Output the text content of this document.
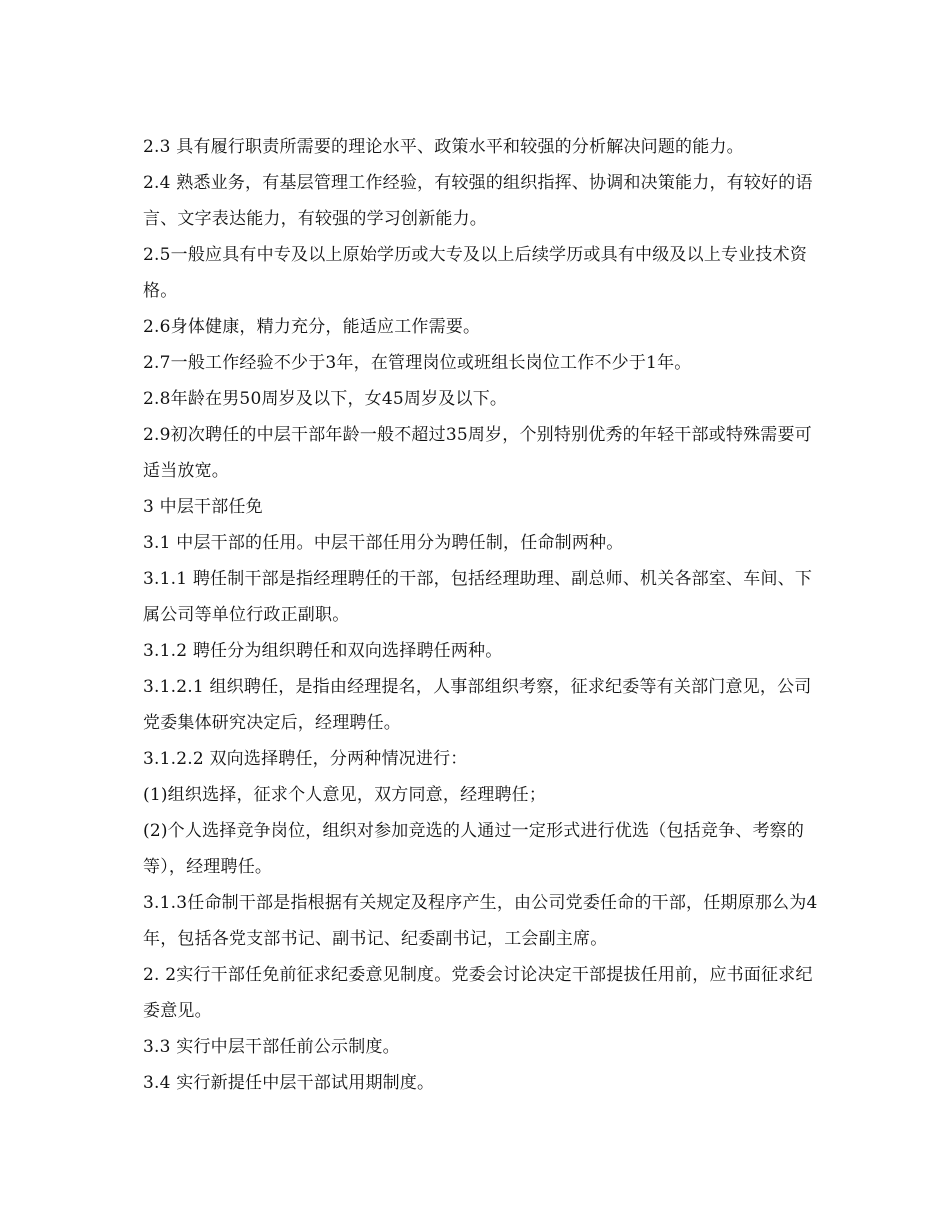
2.3 具有履行职责所需要的理论水平、政策水平和较强的分析解决问题的能力。

2.4 熟悉业务，有基层管理工作经验，有较强的组织指挥、协调和决策能力，有较好的语言、文字表达能力，有较强的学习创新能力。

2.5一般应具有中专及以上原始学历或大专及以上后续学历或具有中级及以上专业技术资格。

2.6身体健康，精力充分，能适应工作需要。

2.7一般工作经验不少于3年，在管理岗位或班组长岗位工作不少于1年。

2.8年龄在男50周岁及以下，女45周岁及以下。

2.9初次聘任的中层干部年龄一般不超过35周岁，个别特别优秀的年轻干部或特殊需要可适当放宽。

3 中层干部任免

3.1 中层干部的任用。中层干部任用分为聘任制，任命制两种。

3.1.1 聘任制干部是指经理聘任的干部，包括经理助理、副总师、机关各部室、车间、下属公司等单位行政正副职。

3.1.2 聘任分为组织聘任和双向选择聘任两种。

3.1.2.1 组织聘任，是指由经理提名，人事部组织考察，征求纪委等有关部门意见，公司党委集体研究决定后，经理聘任。

3.1.2.2 双向选择聘任，分两种情况进行：

(1)组织选择，征求个人意见，双方同意，经理聘任；

(2)个人选择竞争岗位，组织对参加竞选的人通过一定形式进行优选（包括竞争、考察的等），经理聘任。

3.1.3任命制干部是指根据有关规定及程序产生，由公司党委任命的干部，任期原那么为4年，包括各党支部书记、副书记、纪委副书记，工会副主席。

2. 2实行干部任免前征求纪委意见制度。党委会讨论决定干部提拔任用前，应书面征求纪委意见。

3.3 实行中层干部任前公示制度。

3.4 实行新提任中层干部试用期制度。
